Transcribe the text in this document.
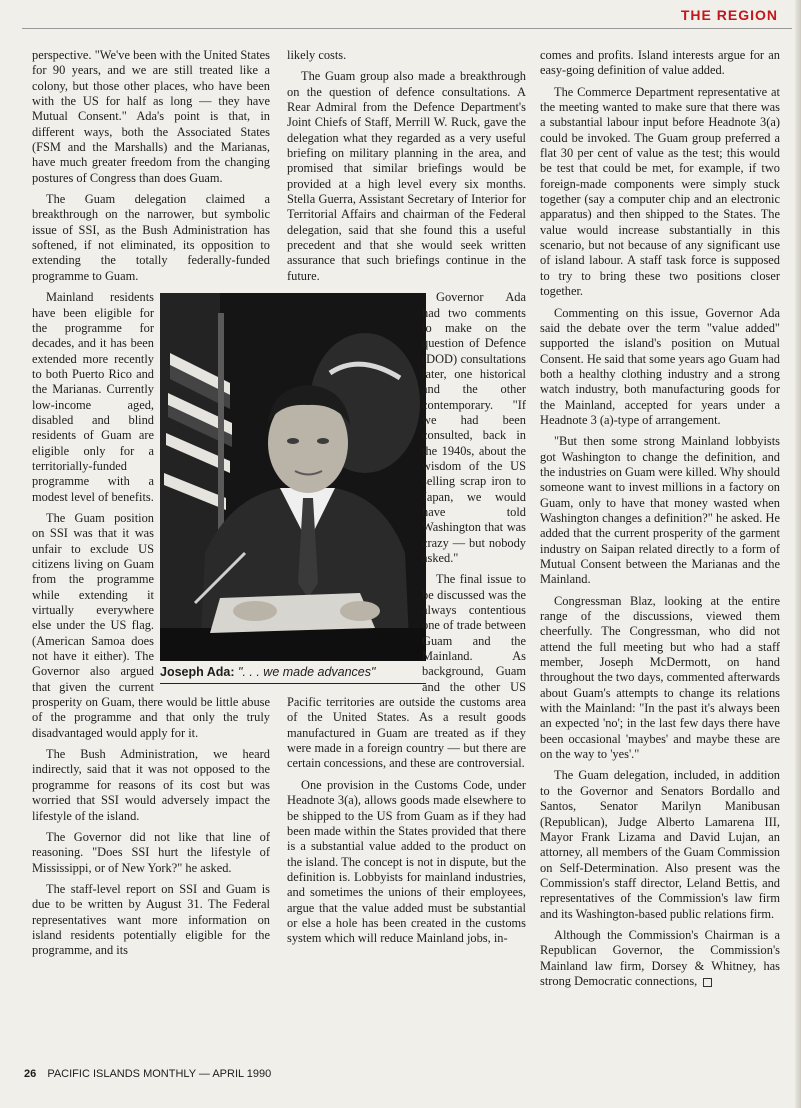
THE REGION

perspective. "We've been with the United States for 90 years, and we are still treated like a colony, but those other places, who have been with the US for half as long — they have Mutual Consent." Ada's point is that, in different ways, both the Associated States (FSM and the Marshalls) and the Marianas, have much greater freedom from the changing postures of Congress than does Guam.

The Guam delegation claimed a breakthrough on the narrower, but symbolic issue of SSI, as the Bush Administration has softened, if not eliminated, its opposition to extending the totally federally-funded programme to Guam.

Joseph Ada: ". . . we made advances"

Mainland residents have been eligible for the programme for decades, and it has been extended more recently to both Puerto Rico and the Marianas. Currently low-income aged, disabled and blind residents of Guam are eligible only for a territorially-funded programme with a modest level of benefits.

The Guam position on SSI was that it was unfair to exclude US citizens living on Guam from the programme while extending it virtually everywhere else under the US flag. (American Samoa does not have it either). The Governor also argued that given the current prosperity on Guam, there would be little abuse of the programme and that only the truly disadvantaged would apply for it.

The Bush Administration, we heard indirectly, said that it was not opposed to the programme for reasons of its cost but was worried that SSI would adversely impact the lifestyle of the island.

The Governor did not like that line of reasoning. "Does SSI hurt the lifestyle of Mississippi, or of New York?" he asked.

The staff-level report on SSI and Guam is due to be written by August 31. The Federal representatives want more information on island residents potentially eligible for the programme, and its

likely costs.

The Guam group also made a breakthrough on the question of defence consultations. A Rear Admiral from the Defence Department's Joint Chiefs of Staff, Merrill W. Ruck, gave the delegation what they regarded as a very useful briefing on military planning in the area, and promised that similar briefings would be provided at a high level every six months. Stella Guerra, Assistant Secretary of Interior for Territorial Affairs and chairman of the Federal delegation, said that she found this a useful precedent and that she would seek written assurance that such briefings continue in the future.

Governor Ada had two comments to make on the question of Defence (DOD) consultations later, one historical and the other contemporary. "If we had been consulted, back in the 1940s, about the wisdom of the US selling scrap iron to Japan, we would have told Washington that was crazy — but nobody asked."

The final issue to be discussed was the always contentious one of trade between Guam and the Mainland. As background, Guam and the other US Pacific territories are outside the customs area of the United States. As a result goods manufactured in Guam are treated as if they were made in a foreign country — but there are certain concessions, and these are controversial.

One provision in the Customs Code, under Headnote 3(a), allows goods made elsewhere to be shipped to the US from Guam as if they had been made within the States provided that there is a substantial value added to the product on the island. The concept is not in dispute, but the definition is. Lobbyists for mainland industries, and sometimes the unions of their employees, argue that the value added must be substantial or else a hole has been created in the customs system which will reduce Mainland jobs, in-

comes and profits. Island interests argue for an easy-going definition of value added.

The Commerce Department representative at the meeting wanted to make sure that there was a substantial labour input before Headnote 3(a) could be invoked. The Guam group preferred a flat 30 per cent of value as the test; this would be test that could be met, for example, if two foreign-made components were simply stuck together (say a computer chip and an electronic apparatus) and then shipped to the States. The value would increase substantially in this scenario, but not because of any significant use of island labour. A staff task force is supposed to try to bring these two positions closer together.

Commenting on this issue, Governor Ada said the debate over the term "value added" supported the island's position on Mutual Consent. He said that some years ago Guam had both a healthy clothing industry and a strong watch industry, both manufacturing goods for the Mainland, accepted for years under a Headnote 3 (a)-type of arrangement.

"But then some strong Mainland lobbyists got Washington to change the definition, and the industries on Guam were killed. Why should someone want to invest millions in a factory on Guam, only to have that money wasted when Washington changes a definition?" he asked. He added that the current prosperity of the garment industry on Saipan related directly to a form of Mutual Consent between the Marianas and the Mainland.

Congressman Blaz, looking at the entire range of the discussions, viewed them cheerfully. The Congressman, who did not attend the full meeting but who had a staff member, Joseph McDermott, on hand throughout the two days, commented afterwards about Guam's attempts to change its relations with the Mainland: "In the past it's always been an expected 'no'; in the last few days there have been occasional 'maybes' and maybe these are on the way to 'yes'."

The Guam delegation, included, in addition to the Governor and Senators Bordallo and Santos, Senator Marilyn Manibusan (Republican), Judge Alberto Lamarena III, Mayor Frank Lizama and David Lujan, an attorney, all members of the Guam Commission on Self-Determination. Also present was the Commission's staff director, Leland Bettis, and representatives of the Commission's law firm and its Washington-based public relations firm.

Although the Commission's Chairman is a Republican Governor, the Commission's Mainland law firm, Dorsey & Whitney, has strong Democratic connections,

26 PACIFIC ISLANDS MONTHLY — APRIL 1990
